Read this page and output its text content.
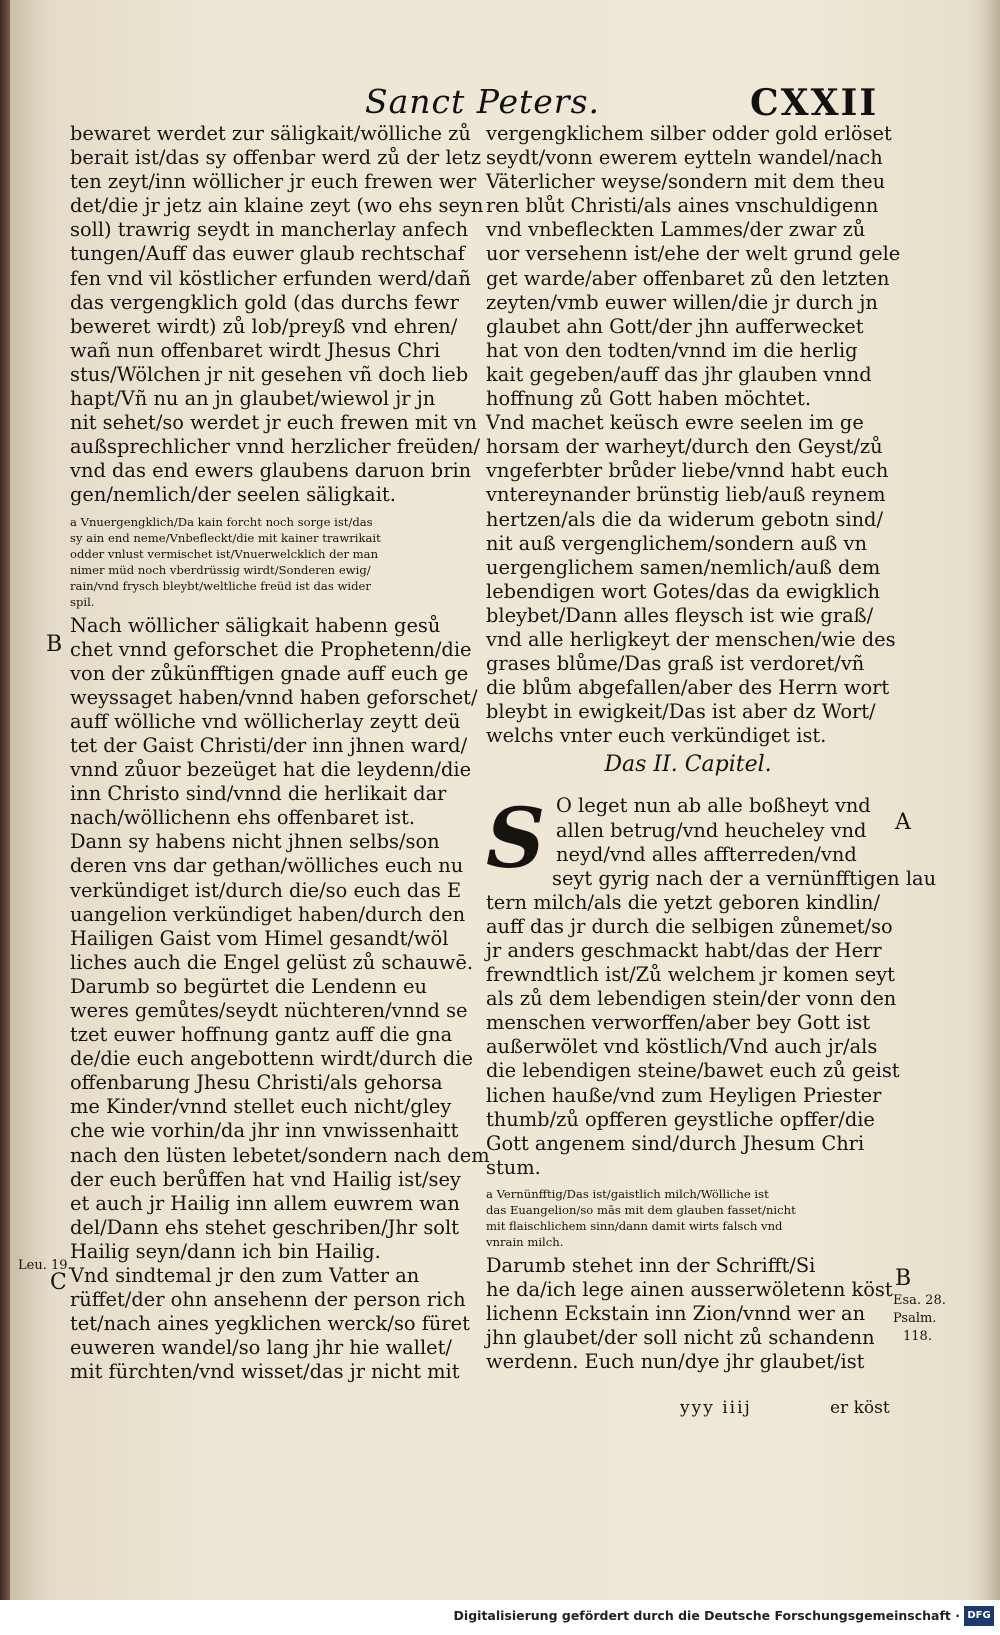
Sanct Peters.	CXXII
bewaret werdet zur säligkait/wölliche zů
berait ist/das sy offenbar werd zů der letz
ten zeyt/inn wöllicher jr euch frewen wer
det/die jr jetz ain klaine zeyt (wo ehs seyn
soll) trawrig seydt in mancherlay anfech
tungen/Auff das euwer glaub rechtschaf
fen vnd vil köstlicher erfunden werd/dañ
das vergengklich gold (das durchs fewr
beweret wirdt) zů lob/preyß vnd ehren/
wañ nun offenbaret wirdt Jhesus Chri
stus/Wölchen jr nit gesehen vñ doch lieb
hapt/Vñ nu an jn glaubet/wiewol jr jn
nit sehet/so werdet jr euch frewen mit vn
außsprechlicher vnnd herzlicher freüden/
vnd das end ewers glaubens daruon brin
gen/nemlich/der seelen säligkait.
a Vnuergengklich/Da kain forcht noch sorge ist/das
sy ain end neme/Vnbefleckt/die mit kainer trawrikait
odder vnlust vermischet ist/Vnuerwelcklich der man
nimer müd noch vberdrüssig wirdt/Sonderen ewig/
rain/vnd frysch bleybt/weltliche freüd ist das wider
spil.
Nach wöllicher säligkait habenn gesů
chet vnnd geforschet die Prophetenn/die
von der zůkünfftigen gnade auff euch ge
weyssaget haben/vnnd haben geforschet/
auff wölliche vnd wöllicherlay zeytt deü
tet der Gaist Christi/der inn jhnen ward/
vnnd zůuor bezeüget hat die leydenn/die
inn Christo sind/vnnd die herlikait dar
nach/wöllichenn ehs offenbaret ist.
Dann sy habens nicht jhnen selbs/son
deren vns dar gethan/wölliches euch nu
verkündiget ist/durch die/so euch das E
uangelion verkündiget haben/durch den
Hailigen Gaist vom Himel gesandt/wöl
liches auch die Engel gelüst zů schauwē.
Darumb so begürtet die Lendenn eu
weres gemůtes/seydt nüchteren/vnnd se
tzet euwer hoffnung gantz auff die gna
de/die euch angebottenn wirdt/durch die
offenbarung Jhesu Christi/als gehorsa
me Kinder/vnnd stellet euch nicht/gley
che wie vorhin/da jhr inn vnwissenhaitt
nach den lüsten lebetet/sondern nach dem
der euch berůffen hat vnd Hailig ist/sey
et auch jr Hailig inn allem euwrem wan
del/Dann ehs stehet geschriben/Jhr solt
Hailig seyn/dann ich bin Hailig.
Vnd sindtemal jr den zum Vatter an
rüffet/der ohn ansehenn der person rich
tet/nach aines yegklichen werck/so füret
euweren wandel/so lang jhr hie wallet/
mit fürchten/vnd wisset/das jr nicht mit
vergengklichem silber odder gold erlöset
seydt/vonn ewerem eytteln wandel/nach
Väterlicher weyse/sondern mit dem theu
ren blůt Christi/als aines vnschuldigenn
vnd vnbefleckten Lammes/der zwar zů
uor versehenn ist/ehe der welt grund gele
get warde/aber offenbaret zů den letzten
zeyten/vmb euwer willen/die jr durch jn
glaubet ahn Gott/der jhn aufferwecket
hat von den todten/vnnd im die herlig
kait gegeben/auff das jhr glauben vnnd
hoffnung zů Gott haben möchtet.
Vnd machet keüsch ewre seelen im ge
horsam der warheyt/durch den Geyst/zů
vngeferbter brůder liebe/vnnd habt euch
vntereynander brünstig lieb/auß reynem
hertzen/als die da widerum gebotn sind/
nit auß vergenglichem/sondern auß vn
uergenglichem samen/nemlich/auß dem
lebendigen wort Gotes/das da ewigklich
bleybet/Dann alles fleysch ist wie graß/
vnd alle herligkeyt der menschen/wie des
grases blůme/Das graß ist verdoret/vñ
die blům abgefallen/aber des Herrn wort
bleybt in ewigkeit/Das ist aber dz Wort/
welchs vnter euch verkündiget ist.
Das II. Capitel.
S O leget nun ab alle boßheyt vnd
allen betrug/vnd heucheley vnd
neyd/vnd alles affterreden/vnd
seyt gyrig nach der a vernünfftigen lau
tern milch/als die yetzt geboren kindlin/
auff das jr durch die selbigen zůnemet/so
jr anders geschmackt habt/das der Herr
frewndtlich ist/Zů welchem jr komen seyt
als zů dem lebendigen stein/der vonn den
menschen verworffen/aber bey Gott ist
außerwölet vnd köstlich/Vnd auch jr/als
die lebendigen steine/bawet euch zů geist
lichen hauße/vnd zum Heyligen Priester
thumb/zů opfferen geystliche opffer/die
Gott angenem sind/durch Jhesum Chri
stum.
a Vernünfftig/Das ist/gaistlich milch/Wölliche ist
das Euangelion/so mās mit dem glauben fasset/nicht
mit flaischlichem sinn/dann damit wirts falsch vnd
vnrain milch.
Darumb stehet inn der Schrifft/Si
he da/ich lege ainen ausserwöletenn köst
lichenn Eckstain inn Zion/vnnd wer an
jhn glaubet/der soll nicht zů schandenn
werdenn. Euch nun/dye jhr glaubet/ist
B
Leu. 19.
C
A
B
Esa. 28.
Psalm.
118.
yyy iiij	er köst
Digitalisierung gefördert durch die Deutsche Forschungsgemeinschaft · DFG
